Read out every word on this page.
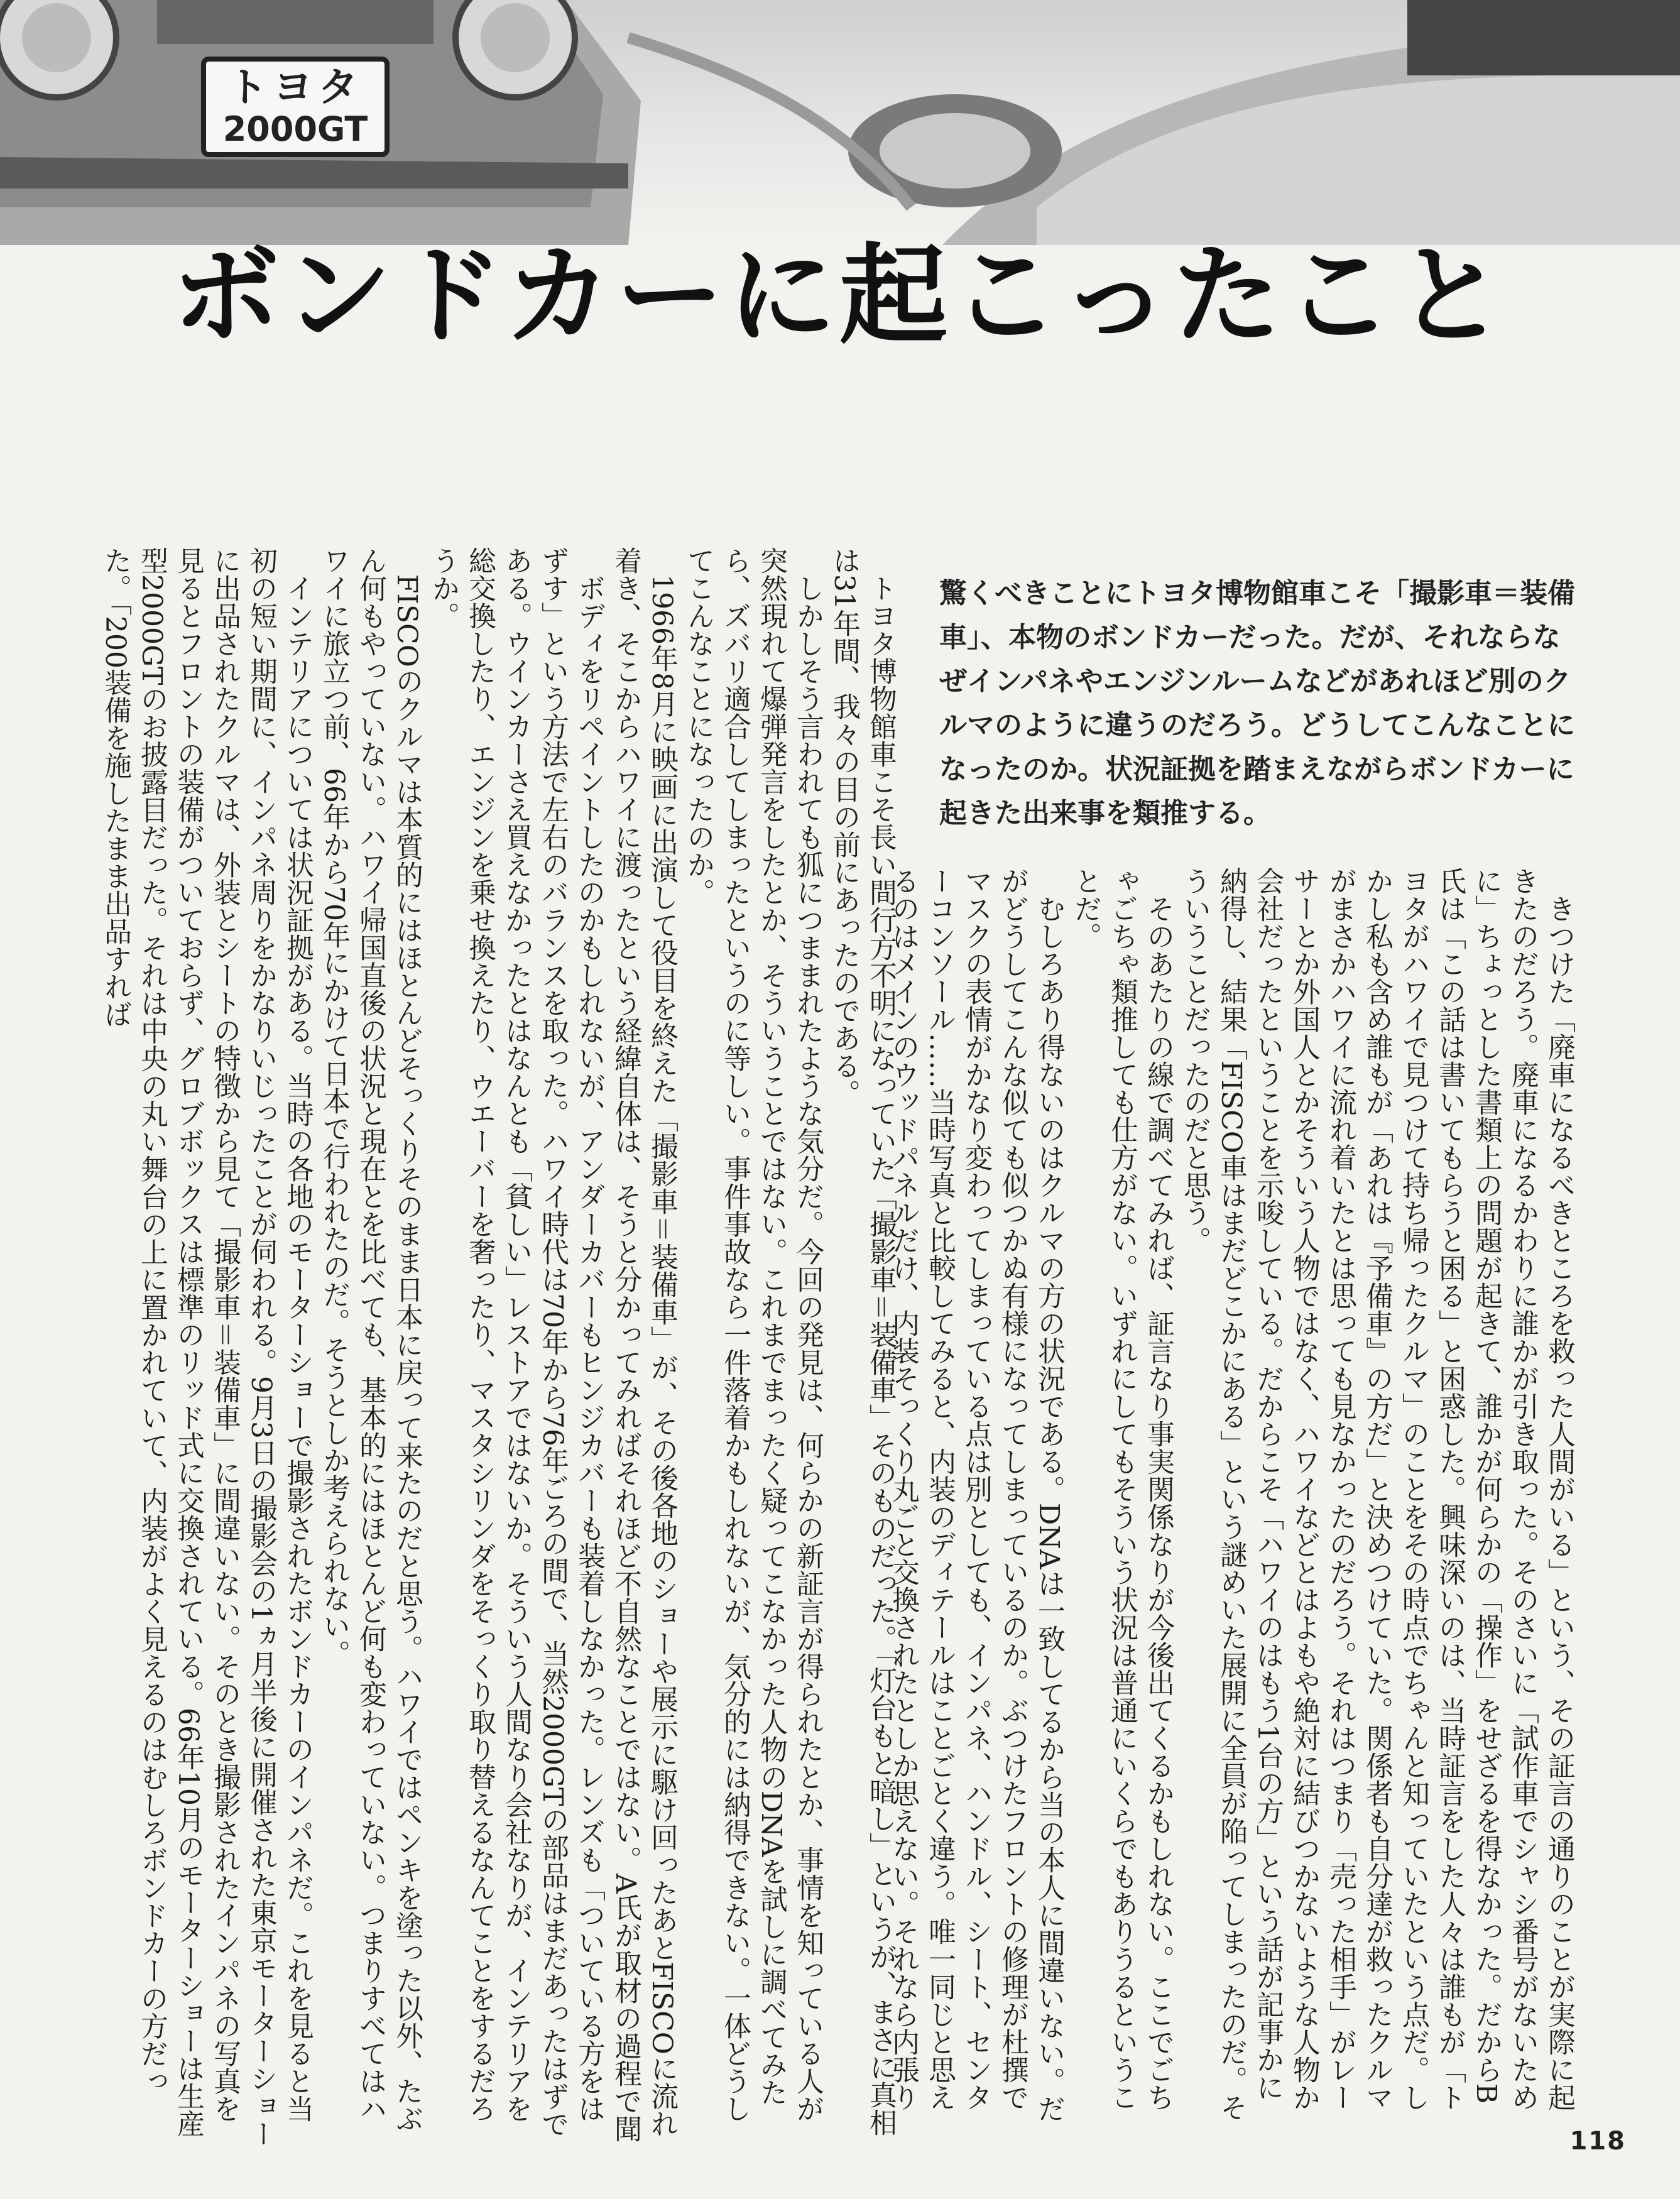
トヨタ
2000GT
ボンドカーに起こったこと
驚くべきことにトヨタ博物館車こそ「撮影車＝装備車」、本物のボンドカーだった。だが、それならなぜインパネやエンジンルームなどがあれほど別のクルマのように違うのだろう。どうしてこんなことになったのか。状況証拠を踏まえながらボンドカーに起きた出来事を類推する。

きつけた「廃車になるべきところを救った人間がいる」という、その証言の通りのことが実際に起きたのだろう。廃車になるかわりに誰かが引き取った。そのさいに「試作車でシャシ番号がないために」ちょっとした書類上の問題が起きて、誰かが何らかの「操作」をせざるを得なかった。だからB氏は「この話は書いてもらうと困る」と困惑した。興味深いのは、当時証言をした人々は誰もが「トヨタがハワイで見つけて持ち帰ったクルマ」のことをその時点でちゃんと知っていたという点だ。しかし私も含め誰もが「あれは『予備車』の方だ」と決めつけていた。関係者も自分達が救ったクルマがまさかハワイに流れ着いたとは思っても見なかったのだろう。それはつまり「売った相手」がレーサーとか外国人とかそういう人物ではなく、ハワイなどとはよもや絶対に結びつかないような人物か会社だったということを示唆している。だからこそ「ハワイのはもう1台の方」という話が記事かに納得し、結果「FISCO車はまだどこかにある」という謎めいた展開に全員が陥ってしまったのだ。そういうことだったのだと思う。

そのあたりの線で調べてみれば、証言なり事実関係なりが今後出てくるかもしれない。ここでごちゃごちゃ類推しても仕方がない。いずれにしてもそういう状況は普通にいくらでもありうるということだ。

むしろあり得ないのはクルマの方の状況である。DNAは一致してるから当の本人に間違いない。だがどうしてこんな似ても似つかぬ有様になってしまっているのか。ぶつけたフロントの修理が杜撰でマスクの表情がかなり変わってしまっている点は別としても、インパネ、ハンドル、シート、センターコンソール……当時写真と比較してみると、内装のディテールはことごとく違う。唯一同じと思えるのはメインのウッドパネルだけ、内装そっくり丸ごと交換されたとしか思えない。それなら内張り

トヨタ博物館車こそ長い間行方不明になっていた「撮影車＝装備車」そのものだった。「灯台もと暗し」というが、まさに真相は31年間、我々の目の前にあったのである。

しかしそう言われても狐につままれたような気分だ。今回の発見は、何らかの新証言が得られたとか、事情を知っている人が突然現れて爆弾発言をしたとか、そういうことではない。これまでまったく疑ってこなかった人物のDNAを試しに調べてみたら、ズバリ適合してしまったというのに等しい。事件事故なら一件落着かもしれないが、気分的には納得できない。一体どうしてこんなことになったのか。

1966年8月に映画に出演して役目を終えた「撮影車＝装備車」が、その後各地のショーや展示に駆け回ったあとFISCOに流れ着き、そこからハワイに渡ったという経緯自体は、そうと分かってみればそれほど不自然なことではない。A氏が取材の過程で聞

ボディをリペイントしたのかもしれないが、アンダーカバーもヒンジカバーも装着しなかった。レンズも「ついている方をはずす」という方法で左右のバランスを取った。ハワイ時代は70年から76年ごろの間で、当然2000GTの部品はまだあったはずである。ウインカーさえ買えなかったとはなんとも「貧しい」レストアではないか。そういう人間なり会社なりが、インテリアを総交換したり、エンジンを乗せ換えたり、ウエーバーを奢ったり、マスタシリンダをそっくり取り替えるなんてことをするだろうか。

FISCOのクルマは本質的にはほとんどそっくりそのまま日本に戻って来たのだと思う。ハワイではペンキを塗った以外、たぶん何もやっていない。ハワイ帰国直後の状況と現在とを比べても、基本的にはほとんど何も変わっていない。つまりすべてはハワイに旅立つ前、66年から70年にかけて日本で行われたのだ。そうとしか考えられない。

インテリアについては状況証拠がある。当時の各地のモーターショーで撮影されたボンドカーのインパネだ。これを見ると当初の短い期間に、インパネ周りをかなりいじったことが伺われる。9月3日の撮影会の1ヵ月半後に開催された東京モーターショーに出品されたクルマは、外装とシートの特徴から見て「撮影車＝装備車」に間違いない。そのとき撮影されたインパネの写真を見るとフロントの装備がついておらず、グロブボックスは標準のリッド式に交換されている。66年10月のモーターショーは生産型2000GTのお披露目だった。それは中央の丸い舞台の上に置かれていて、内装がよく見えるのはむしろボンドカーの方だった。「200装備を施したまま出品すれば

118
